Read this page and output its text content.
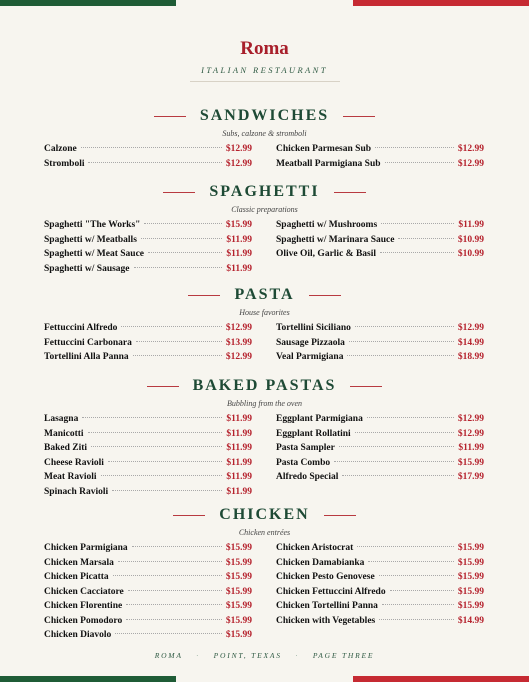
Roma
ITALIAN RESTAURANT
SANDWICHES
Subs, calzone & stromboli
Calzone	$12.99
Stromboli	$12.99
Chicken Parmesan Sub	$12.99
Meatball Parmigiana Sub	$12.99
SPAGHETTI
Classic preparations
Spaghetti "The Works"	$15.99
Spaghetti w/ Meatballs	$11.99
Spaghetti w/ Meat Sauce	$11.99
Spaghetti w/ Sausage	$11.99
Spaghetti w/ Mushrooms	$11.99
Spaghetti w/ Marinara Sauce	$10.99
Olive Oil, Garlic & Basil	$10.99
PASTA
House favorites
Fettuccini Alfredo	$12.99
Fettuccini Carbonara	$13.99
Tortellini Alla Panna	$12.99
Tortellini Siciliano	$12.99
Sausage Pizzaola	$14.99
Veal Parmigiana	$18.99
BAKED PASTAS
Bubbling from the oven
Lasagna	$11.99
Manicotti	$11.99
Baked Ziti	$11.99
Cheese Ravioli	$11.99
Meat Ravioli	$11.99
Spinach Ravioli	$11.99
Eggplant Parmigiana	$12.99
Eggplant Rollatini	$12.99
Pasta Sampler	$11.99
Pasta Combo	$15.99
Alfredo Special	$17.99
CHICKEN
Chicken entrées
Chicken Parmigiana	$15.99
Chicken Marsala	$15.99
Chicken Picatta	$15.99
Chicken Cacciatore	$15.99
Chicken Florentine	$15.99
Chicken Pomodoro	$15.99
Chicken Diavolo	$15.99
Chicken Aristocrat	$15.99
Chicken Damabianka	$15.99
Chicken Pesto Genovese	$15.99
Chicken Fettuccini Alfredo	$15.99
Chicken Tortellini Panna	$15.99
Chicken with Vegetables	$14.99
ROMA · POINT, TEXAS · PAGE THREE
